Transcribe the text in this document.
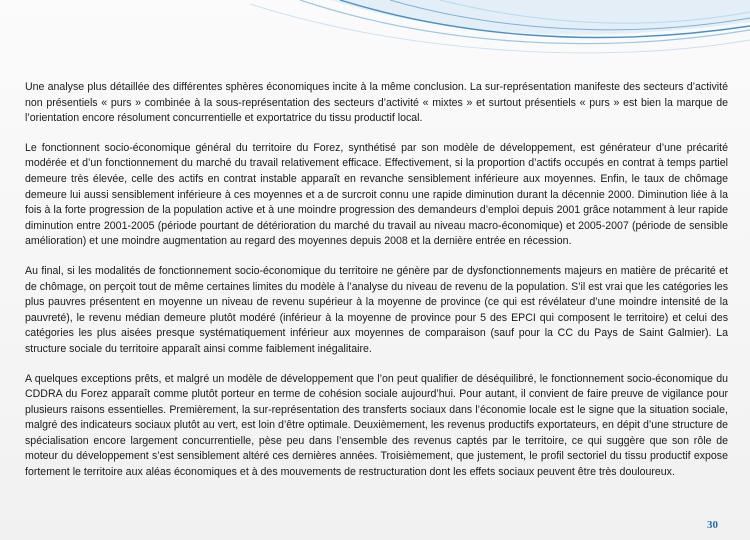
Une analyse plus détaillée des différentes sphères économiques incite à la même conclusion. La sur-représentation manifeste des secteurs d’activité non présentiels « purs » combinée à la sous-représentation des secteurs d’activité « mixtes » et surtout présentiels « purs » est bien la marque de l’orientation encore résolument concurrentielle et exportatrice du tissu productif local.

Le fonctionnent socio-économique général du territoire du Forez, synthétisé par son modèle de développement, est générateur d’une précarité modérée et d’un fonctionnement du marché du travail relativement efficace. Effectivement, si la proportion d’actifs occupés en contrat à temps partiel demeure très élevée, celle des actifs en contrat instable apparaît en revanche sensiblement inférieure aux moyennes. Enfin, le taux de chômage demeure lui aussi sensiblement inférieure à ces moyennes et a de surcroit connu une rapide diminution durant la décennie 2000. Diminution liée à la fois à la forte progression de la population active et à une moindre progression des demandeurs d’emploi depuis 2001 grâce notamment à leur rapide diminution entre 2001-2005 (période pourtant de détérioration du marché du travail au niveau macro-économique) et 2005-2007 (période de sensible amélioration) et une moindre augmentation au regard des moyennes depuis 2008 et la dernière entrée en récession.

Au final, si les modalités de fonctionnement socio-économique du territoire ne génère par de dysfonctionnements majeurs en matière de précarité et de chômage, on perçoit tout de même certaines limites du modèle à l’analyse du niveau de revenu de la population. S’il est vrai que les catégories les plus pauvres présentent en moyenne un niveau de revenu supérieur à la moyenne de province (ce qui est révélateur d’une moindre intensité de la pauvreté), le revenu médian demeure plutôt modéré (inférieur à la moyenne de province pour 5 des EPCI qui composent le territoire) et celui des catégories les plus aisées presque systématiquement inférieur aux moyennes de comparaison (sauf pour la CC du Pays de Saint Galmier). La structure sociale du territoire apparaît ainsi comme faiblement inégalitaire.

A quelques exceptions prêts, et malgré un modèle de développement que l’on peut qualifier de déséquilibré, le fonctionnement socio-économique du CDDRA du Forez apparaît comme plutôt porteur en terme de cohésion sociale aujourd’hui. Pour autant, il convient de faire preuve de vigilance pour plusieurs raisons essentielles. Premièrement, la sur-représentation des transferts sociaux dans l’économie locale est le signe que la situation sociale, malgré des indicateurs sociaux plutôt au vert, est loin d’être optimale. Deuxièmement, les revenus productifs exportateurs, en dépit d’une structure de spécialisation encore largement concurrentielle, pèse peu dans l’ensemble des revenus captés par le territoire, ce qui suggère que son rôle de moteur du développement s’est sensiblement altéré ces dernières années. Troisièmement, que justement, le profil sectoriel du tissu productif expose fortement le territoire aux aléas économiques et à des mouvements de restructuration dont les effets sociaux peuvent être très douloureux.

30
